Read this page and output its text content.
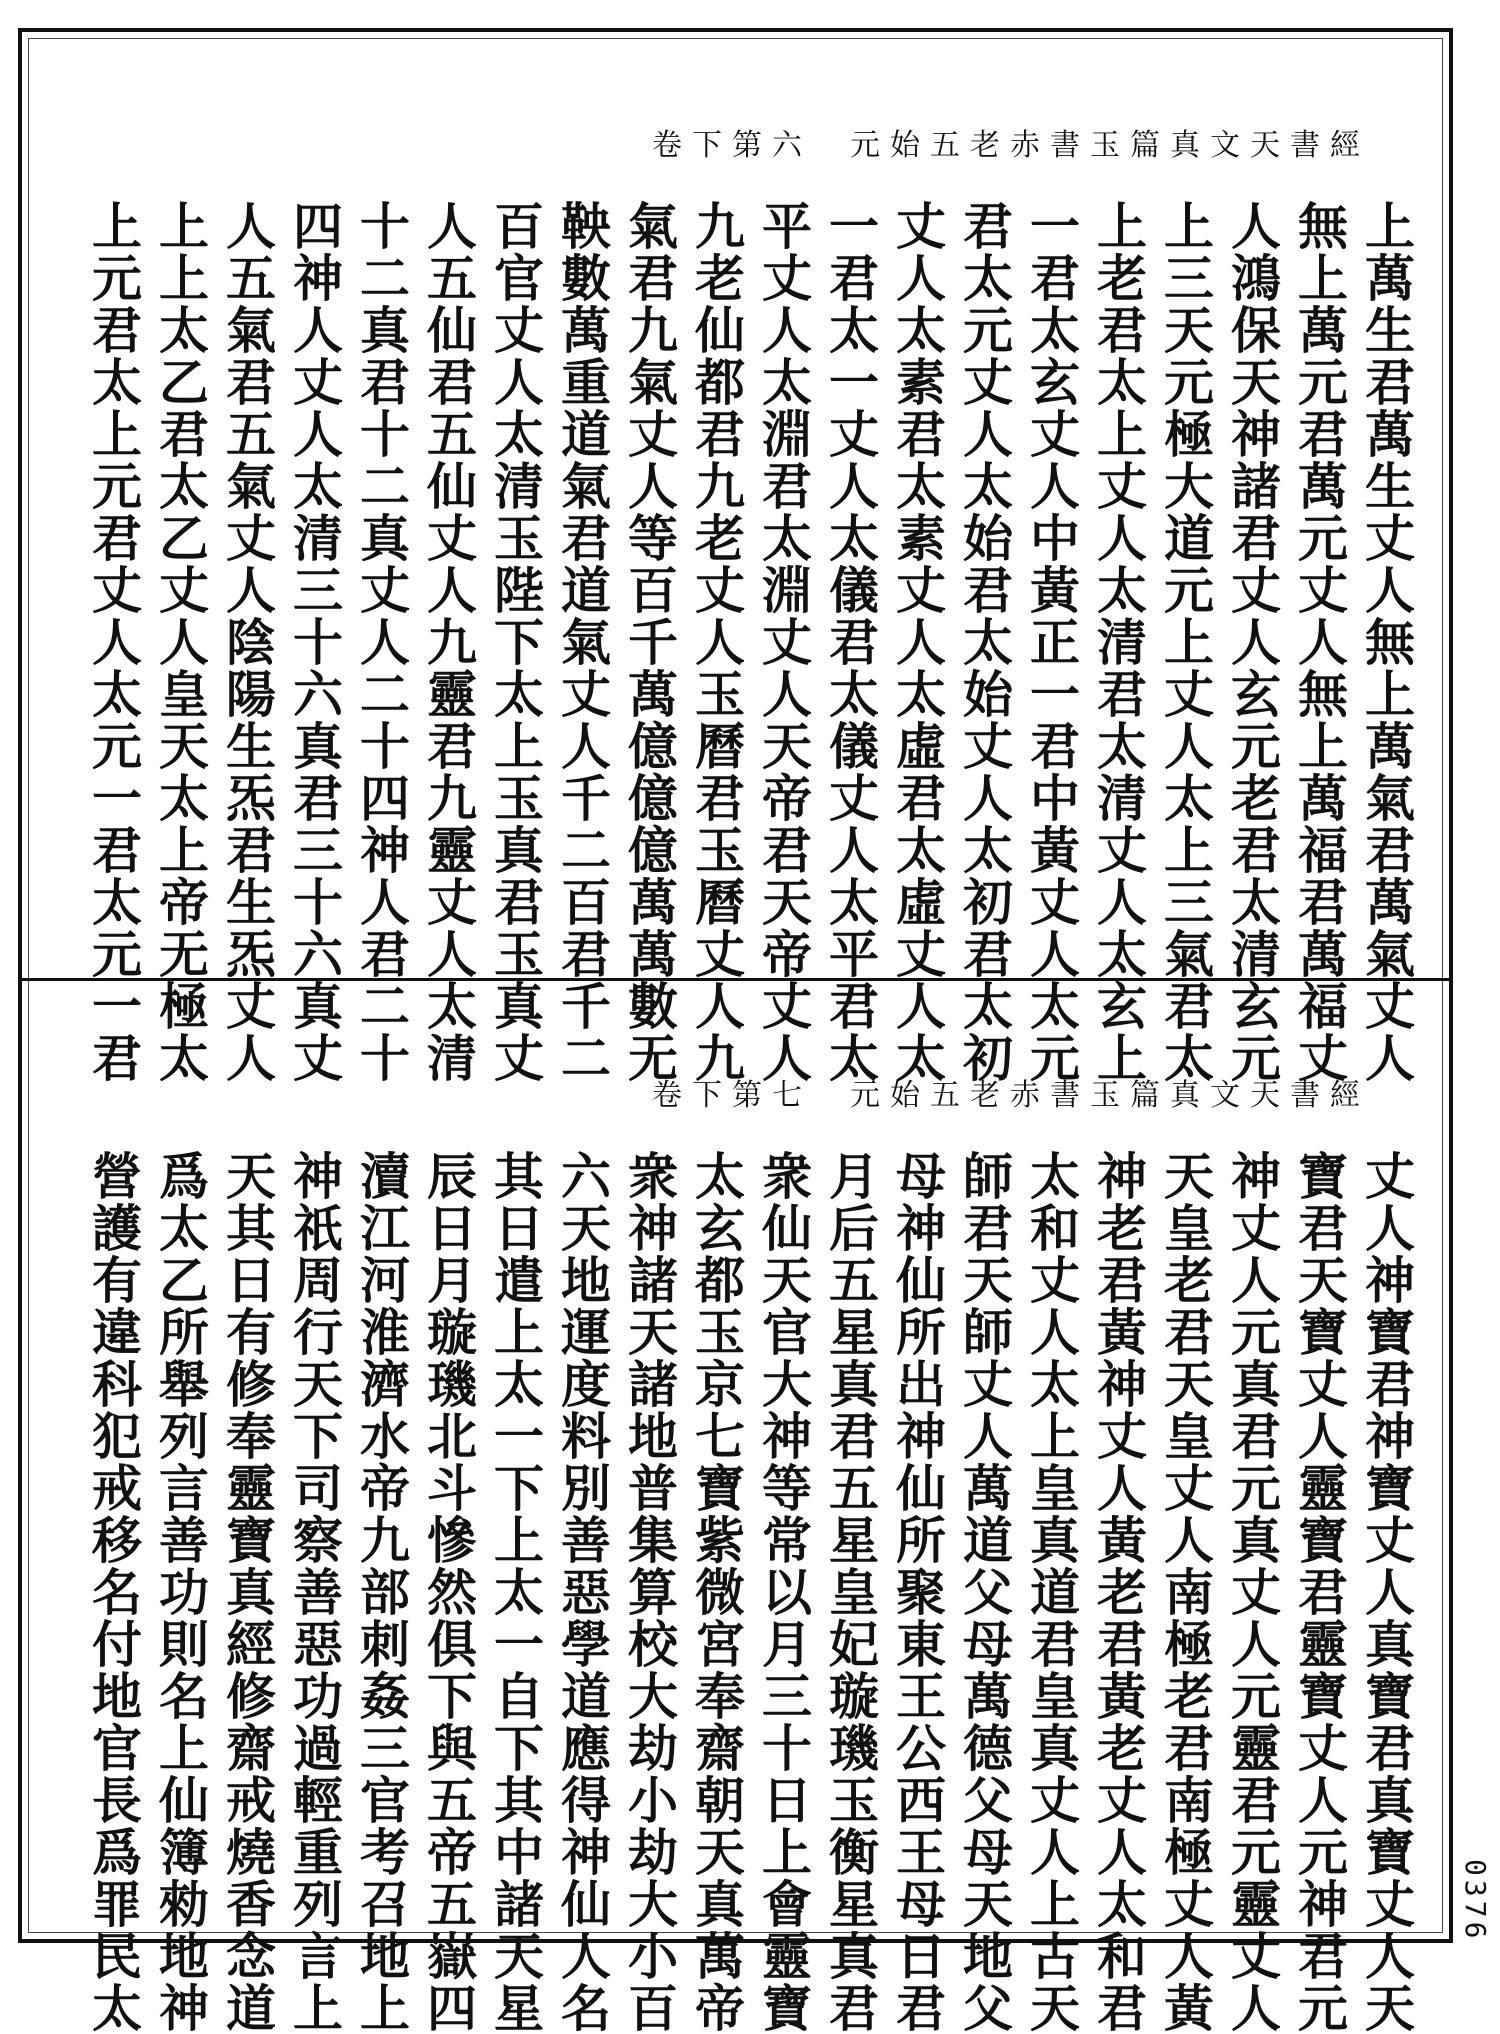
卷下第六 元始五老赤書玉篇真文天書經
上萬生君萬生丈人無上萬氣君萬氣丈人
無上萬元君萬元丈人無上萬福君萬福丈
人鴻保天神諸君丈人玄元老君太清玄元
上三天元極大道元上丈人太上三氣君太
上老君太上丈人太清君太清丈人太玄上
一君太玄丈人中黃正一君中黃丈人太元
君太元丈人太始君太始丈人太初君太初
丈人太素君太素丈人太虛君太虛丈人太
一君太一丈人太儀君太儀丈人太平君太
平丈人太淵君太淵丈人天帝君天帝丈人
九老仙都君九老丈人玉曆君玉曆丈人九
氣君九氣丈人等百千萬億億億萬萬數无
鞅數萬重道氣君道氣丈人千二百君千二
百官丈人太清玉陛下太上玉真君玉真丈
人五仙君五仙丈人九靈君九靈丈人太清
十二真君十二真丈人二十四神人君二十
四神人丈人太清三十六真君三十六真丈
人五氣君五氣丈人陰陽生炁君生炁丈人
上上太乙君太乙丈人皇天太上帝无極太
上元君太上元君丈人太元一君太元一君
卷下第七 元始五老赤書玉篇真文天書經
丈人神寶君神寶丈人真寶君真寶丈人天
寶君天寶丈人靈寶君靈寶丈人元神君元
神丈人元真君元真丈人元靈君元靈丈人
天皇老君天皇丈人南極老君南極丈人黃
神老君黃神丈人黃老君黃老丈人太和君
太和丈人太上皇真道君皇真丈人上古天
師君天師丈人萬道父母萬德父母天地父
母神仙所出神仙所聚東王公西王母日君
月后五星真君五星皇妃璇璣玉衡星真君
衆仙天官大神等常以月三十日上會靈寶
太玄都玉京七寶紫微宮奉齋朝天真萬帝
衆神諸天諸地普集算校大劫小劫大小百
六天地運度料別善惡學道應得神仙人名
其日遣上太一下上太一自下其中諸天星
辰日月璇璣北斗慘然俱下與五帝五嶽四
瀆江河淮濟水帝九部刺姦三官考召地上
神祇周行天下司察善惡功過輕重列言上
天其日有修奉靈寶真經修齋戒燒香念道
爲太乙所舉列言善功則名上仙簿勑地神
營護有違科犯戒移名付地官長爲罪民太	0376
